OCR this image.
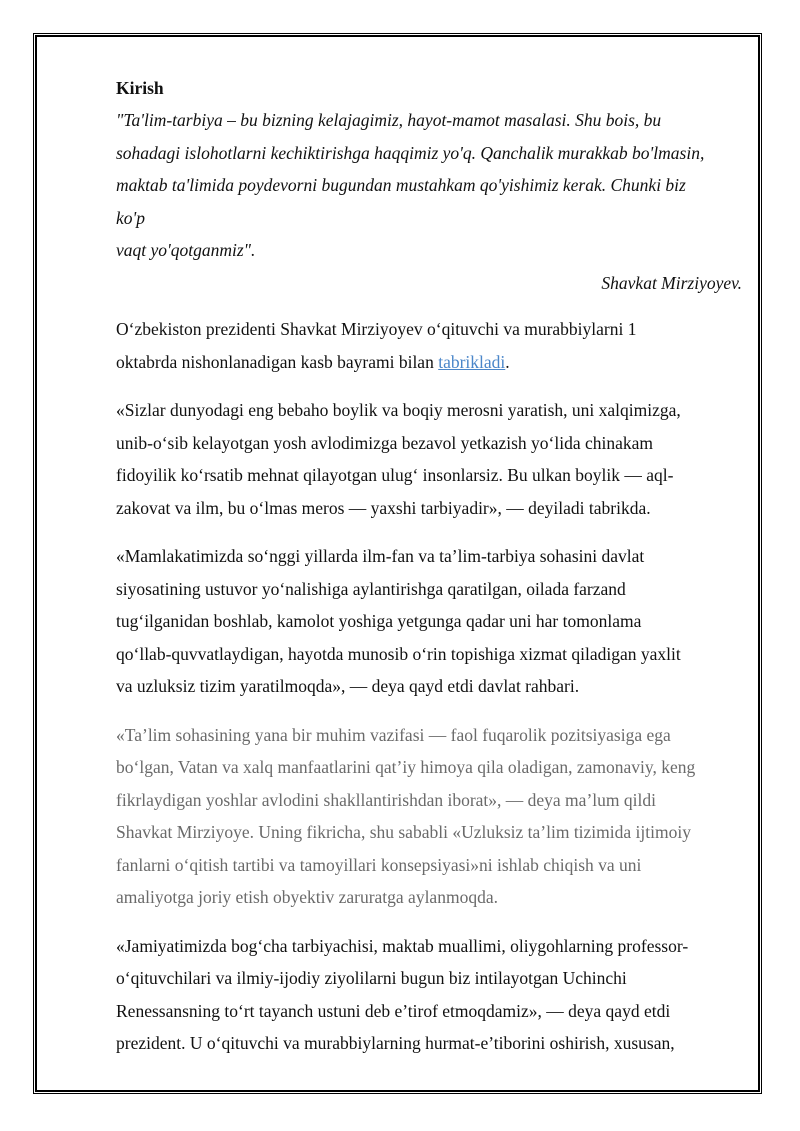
Kirish

"Ta'lim-tarbiya – bu bizning kelajagimiz, hayot-mamot masalasi. Shu bois, bu
sohadagi islohotlarni kechiktirishga haqqimiz yo'q. Qanchalik murakkab bo'lmasin,
maktab ta'limida poydevorni bugundan mustahkam qo'yishimiz kerak. Chunki biz
ko'p
vaqt yo'qotganmiz".

Shavkat Mirziyoyev.

O‘zbekiston prezidenti Shavkat Mirziyoyev o‘qituvchi va murabbiylarni 1
oktabrda nishonlanadigan kasb bayrami bilan tabrikladi.

«Sizlar dunyodagi eng bebaho boylik va boqiy merosni yaratish, uni xalqimizga,
unib-o‘sib kelayotgan yosh avlodimizga bezavol yetkazish yo‘lida chinakam
fidoyilik ko‘rsatib mehnat qilayotgan ulug‘ insonlarsiz. Bu ulkan boylik — aql-
zakovat va ilm, bu o‘lmas meros — yaxshi tarbiyadir», — deyiladi tabrikda.

«Mamlakatimizda so‘nggi yillarda ilm-fan va ta’lim-tarbiya sohasini davlat
siyosatining ustuvor yo‘nalishiga aylantirishga qaratilgan, oilada farzand
tug‘ilganidan boshlab, kamolot yoshiga yetgunga qadar uni har tomonlama
qo‘llab-quvvatlaydigan, hayotda munosib o‘rin topishiga xizmat qiladigan yaxlit
va uzluksiz tizim yaratilmoqda», — deya qayd etdi davlat rahbari.

«Ta’lim sohasining yana bir muhim vazifasi — faol fuqarolik pozitsiyasiga ega
bo‘lgan, Vatan va xalq manfaatlarini qat’iy himoya qila oladigan, zamonaviy, keng
fikrlaydigan yoshlar avlodini shakllantirishdan iborat», — deya ma’lum qildi
Shavkat Mirziyoye. Uning fikricha, shu sababli «Uzluksiz ta’lim tizimida ijtimoiy
fanlarni o‘qitish tartibi va tamoyillari konsepsiyasi»ni ishlab chiqish va uni
amaliyotga joriy etish obyektiv zaruratga aylanmoqda.

«Jamiyatimizda bog‘cha tarbiyachisi, maktab muallimi, oliygohlarning professor-
o‘qituvchilari va ilmiy-ijodiy ziyolilarni bugun biz intilayotgan Uchinchi
Renessansning to‘rt tayanch ustuni deb e’tirof etmoqdamiz», — deya qayd etdi
prezident. U o‘qituvchi va murabbiylarning hurmat-e’tiborini oshirish, xususan,
